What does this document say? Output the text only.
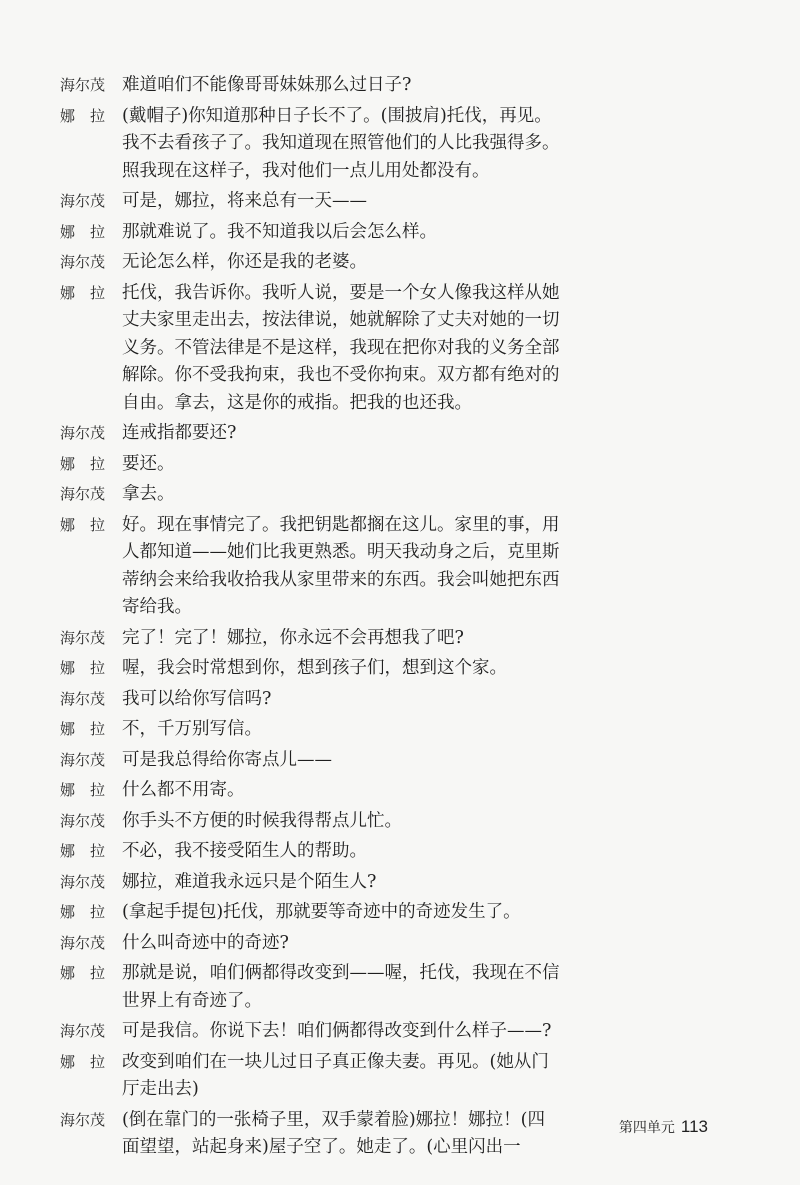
海尔茂 难道咱们不能像哥哥妹妹那么过日子?
娜　拉 (戴帽子)你知道那种日子长不了。(围披肩)托伐，再见。我不去看孩子了。我知道现在照管他们的人比我强得多。照我现在这样子，我对他们一点儿用处都没有。
海尔茂 可是，娜拉，将来总有一天——
娜　拉 那就难说了。我不知道我以后会怎么样。
海尔茂 无论怎么样，你还是我的老婆。
娜　拉 托伐，我告诉你。我听人说，要是一个女人像我这样从她丈夫家里走出去，按法律说，她就解除了丈夫对她的一切义务。不管法律是不是这样，我现在把你对我的义务全部解除。你不受我拘束，我也不受你拘束。双方都有绝对的自由。拿去，这是你的戒指。把我的也还我。
海尔茂 连戒指都要还?
娜　拉 要还。
海尔茂 拿去。
娜　拉 好。现在事情完了。我把钥匙都搁在这儿。家里的事，用人都知道——她们比我更熟悉。明天我动身之后，克里斯蒂纳会来给我收拾我从家里带来的东西。我会叫她把东西寄给我。
海尔茂 完了！完了！娜拉，你永远不会再想我了吧?
娜　拉 喔，我会时常想到你，想到孩子们，想到这个家。
海尔茂 我可以给你写信吗?
娜　拉 不，千万别写信。
海尔茂 可是我总得给你寄点儿——
娜　拉 什么都不用寄。
海尔茂 你手头不方便的时候我得帮点儿忙。
娜　拉 不必，我不接受陌生人的帮助。
海尔茂 娜拉，难道我永远只是个陌生人?
娜　拉 (拿起手提包)托伐，那就要等奇迹中的奇迹发生了。
海尔茂 什么叫奇迹中的奇迹?
娜　拉 那就是说，咱们俩都得改变到——喔，托伐，我现在不信世界上有奇迹了。
海尔茂 可是我信。你说下去！咱们俩都得改变到什么样子——?
娜　拉 改变到咱们在一块儿过日子真正像夫妻。再见。(她从门厅走出去)
海尔茂 (倒在靠门的一张椅子里，双手蒙着脸)娜拉！娜拉！(四面望望，站起身来)屋子空了。她走了。(心里闪出一
第四单元 113
